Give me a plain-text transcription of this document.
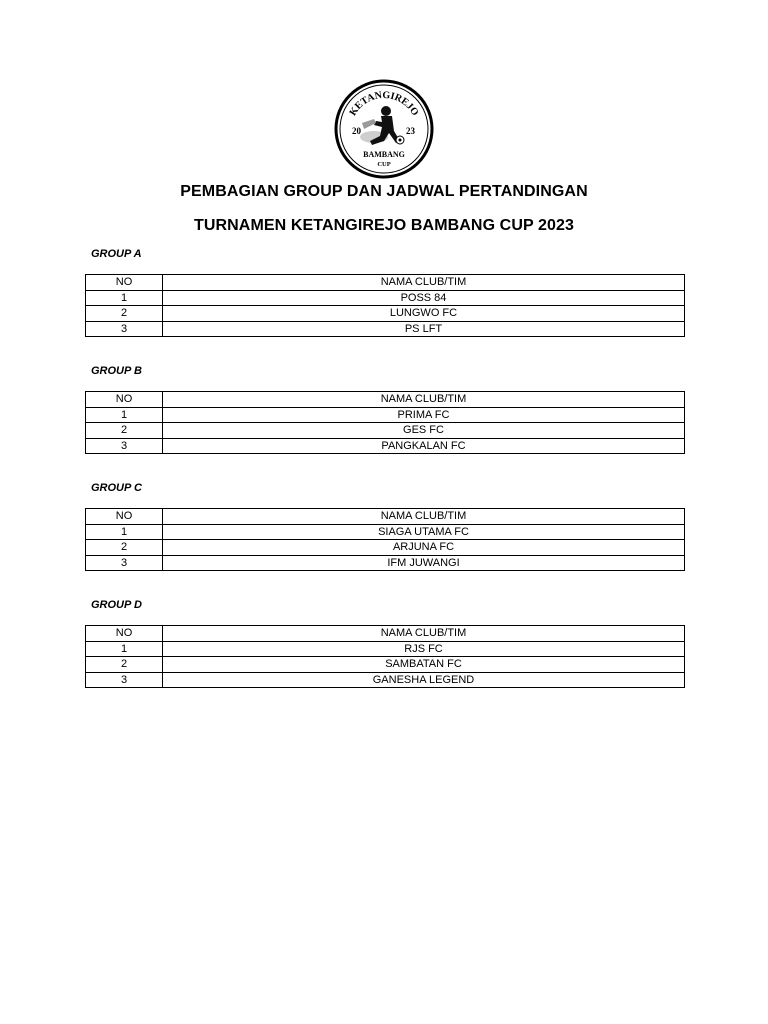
KETANGIREJO
20	23
BAMBANG
CUP
PEMBAGIAN GROUP DAN JADWAL PERTANDINGAN
TURNAMEN KETANGIREJO BAMBANG CUP 2023
GROUP A
NO	NAMA CLUB/TIM
1	POSS 84
2	LUNGWO FC
3	PS LFT
GROUP B
NO	NAMA CLUB/TIM
1	PRIMA FC
2	GES FC
3	PANGKALAN FC
GROUP C
NO	NAMA CLUB/TIM
1	SIAGA UTAMA FC
2	ARJUNA FC
3	IFM JUWANGI
GROUP D
NO	NAMA CLUB/TIM
1	RJS FC
2	SAMBATAN FC
3	GANESHA LEGEND
